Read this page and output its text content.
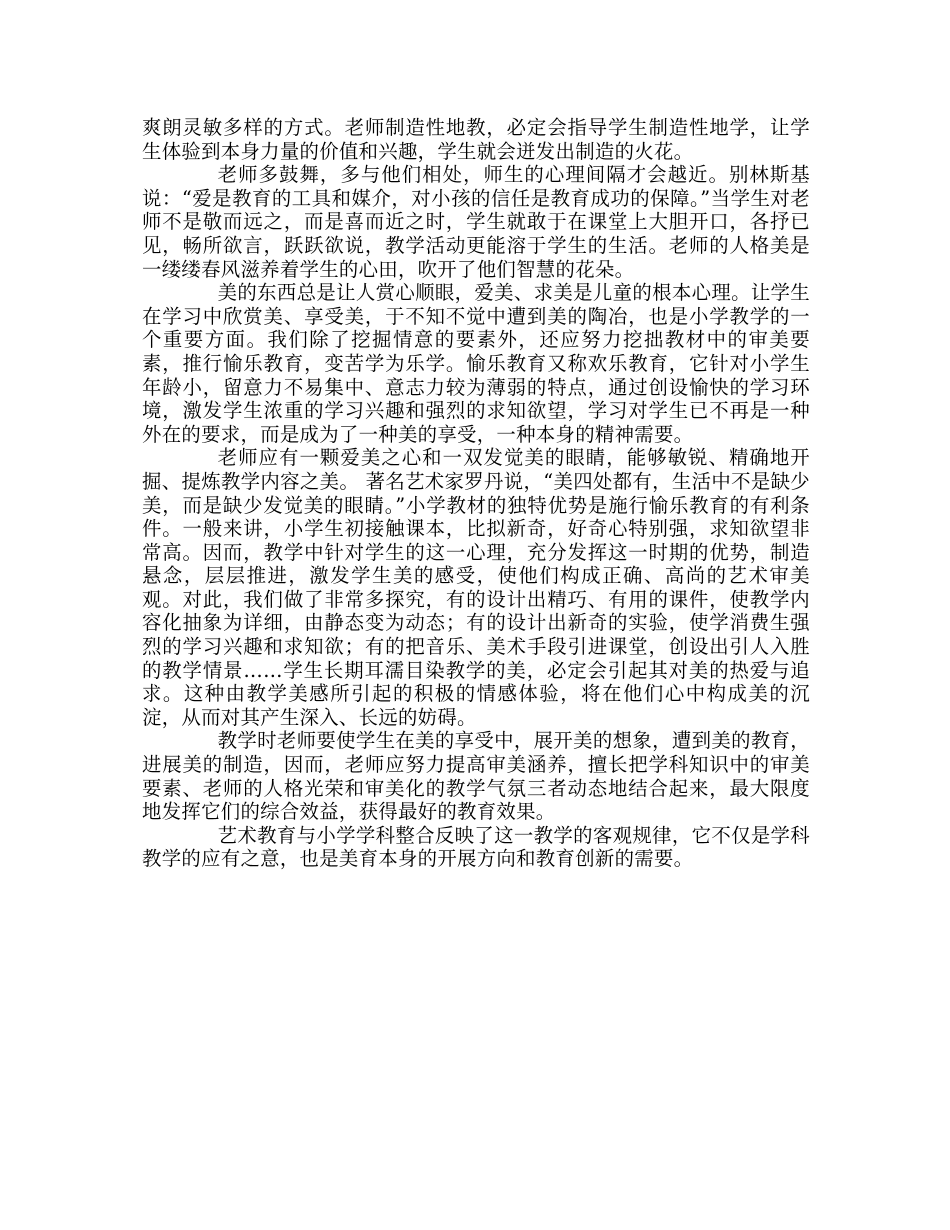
爽朗灵敏多样的方式。老师制造性地教，必定会指导学生制造性地学，让学生体验到本身力量的价值和兴趣，学生就会迸发出制造的火花。

老师多鼓舞，多与他们相处，师生的心理间隔才会越近。别林斯基说：“爱是教育的工具和媒介，对小孩的信任是教育成功的保障。”当学生对老师不是敬而远之，而是喜而近之时，学生就敢于在课堂上大胆开口，各抒已见，畅所欲言，跃跃欲说，教学活动更能溶于学生的生活。老师的人格美是一缕缕春风滋养着学生的心田，吹开了他们智慧的花朵。

美的东西总是让人赏心顺眼，爱美、求美是儿童的根本心理。让学生在学习中欣赏美、享受美，于不知不觉中遭到美的陶冶，也是小学教学的一个重要方面。我们除了挖掘情意的要素外，还应努力挖拙教材中的审美要素，推行愉乐教育，变苦学为乐学。愉乐教育又称欢乐教育，它针对小学生年龄小，留意力不易集中、意志力较为薄弱的特点，通过创设愉快的学习环境，激发学生浓重的学习兴趣和强烈的求知欲望，学习对学生已不再是一种外在的要求，而是成为了一种美的享受，一种本身的精神需要。

老师应有一颗爱美之心和一双发觉美的眼睛，能够敏锐、精确地开掘、提炼教学内容之美。 著名艺术家罗丹说，“美四处都有，生活中不是缺少美，而是缺少发觉美的眼睛。”小学教材的独特优势是施行愉乐教育的有利条件。一般来讲，小学生初接触课本，比拟新奇，好奇心特别强，求知欲望非常高。因而，教学中针对学生的这一心理，充分发挥这一时期的优势，制造悬念，层层推进，激发学生美的感受，使他们构成正确、高尚的艺术审美观。对此，我们做了非常多探究，有的设计出精巧、有用的课件，使教学内容化抽象为详细，由静态变为动态；有的设计出新奇的实验，使学消费生强烈的学习兴趣和求知欲；有的把音乐、美术手段引进课堂，创设出引人入胜的教学情景……学生长期耳濡目染教学的美，必定会引起其对美的热爱与追求。这种由教学美感所引起的积极的情感体验，将在他们心中构成美的沉淀，从而对其产生深入、长远的妨碍。

教学时老师要使学生在美的享受中，展开美的想象，遭到美的教育，进展美的制造，因而，老师应努力提高审美涵养，擅长把学科知识中的审美要素、老师的人格光荣和审美化的教学气氛三者动态地结合起来，最大限度地发挥它们的综合效益，获得最好的教育效果。

艺术教育与小学学科整合反映了这一教学的客观规律，它不仅是学科教学的应有之意，也是美育本身的开展方向和教育创新的需要。
